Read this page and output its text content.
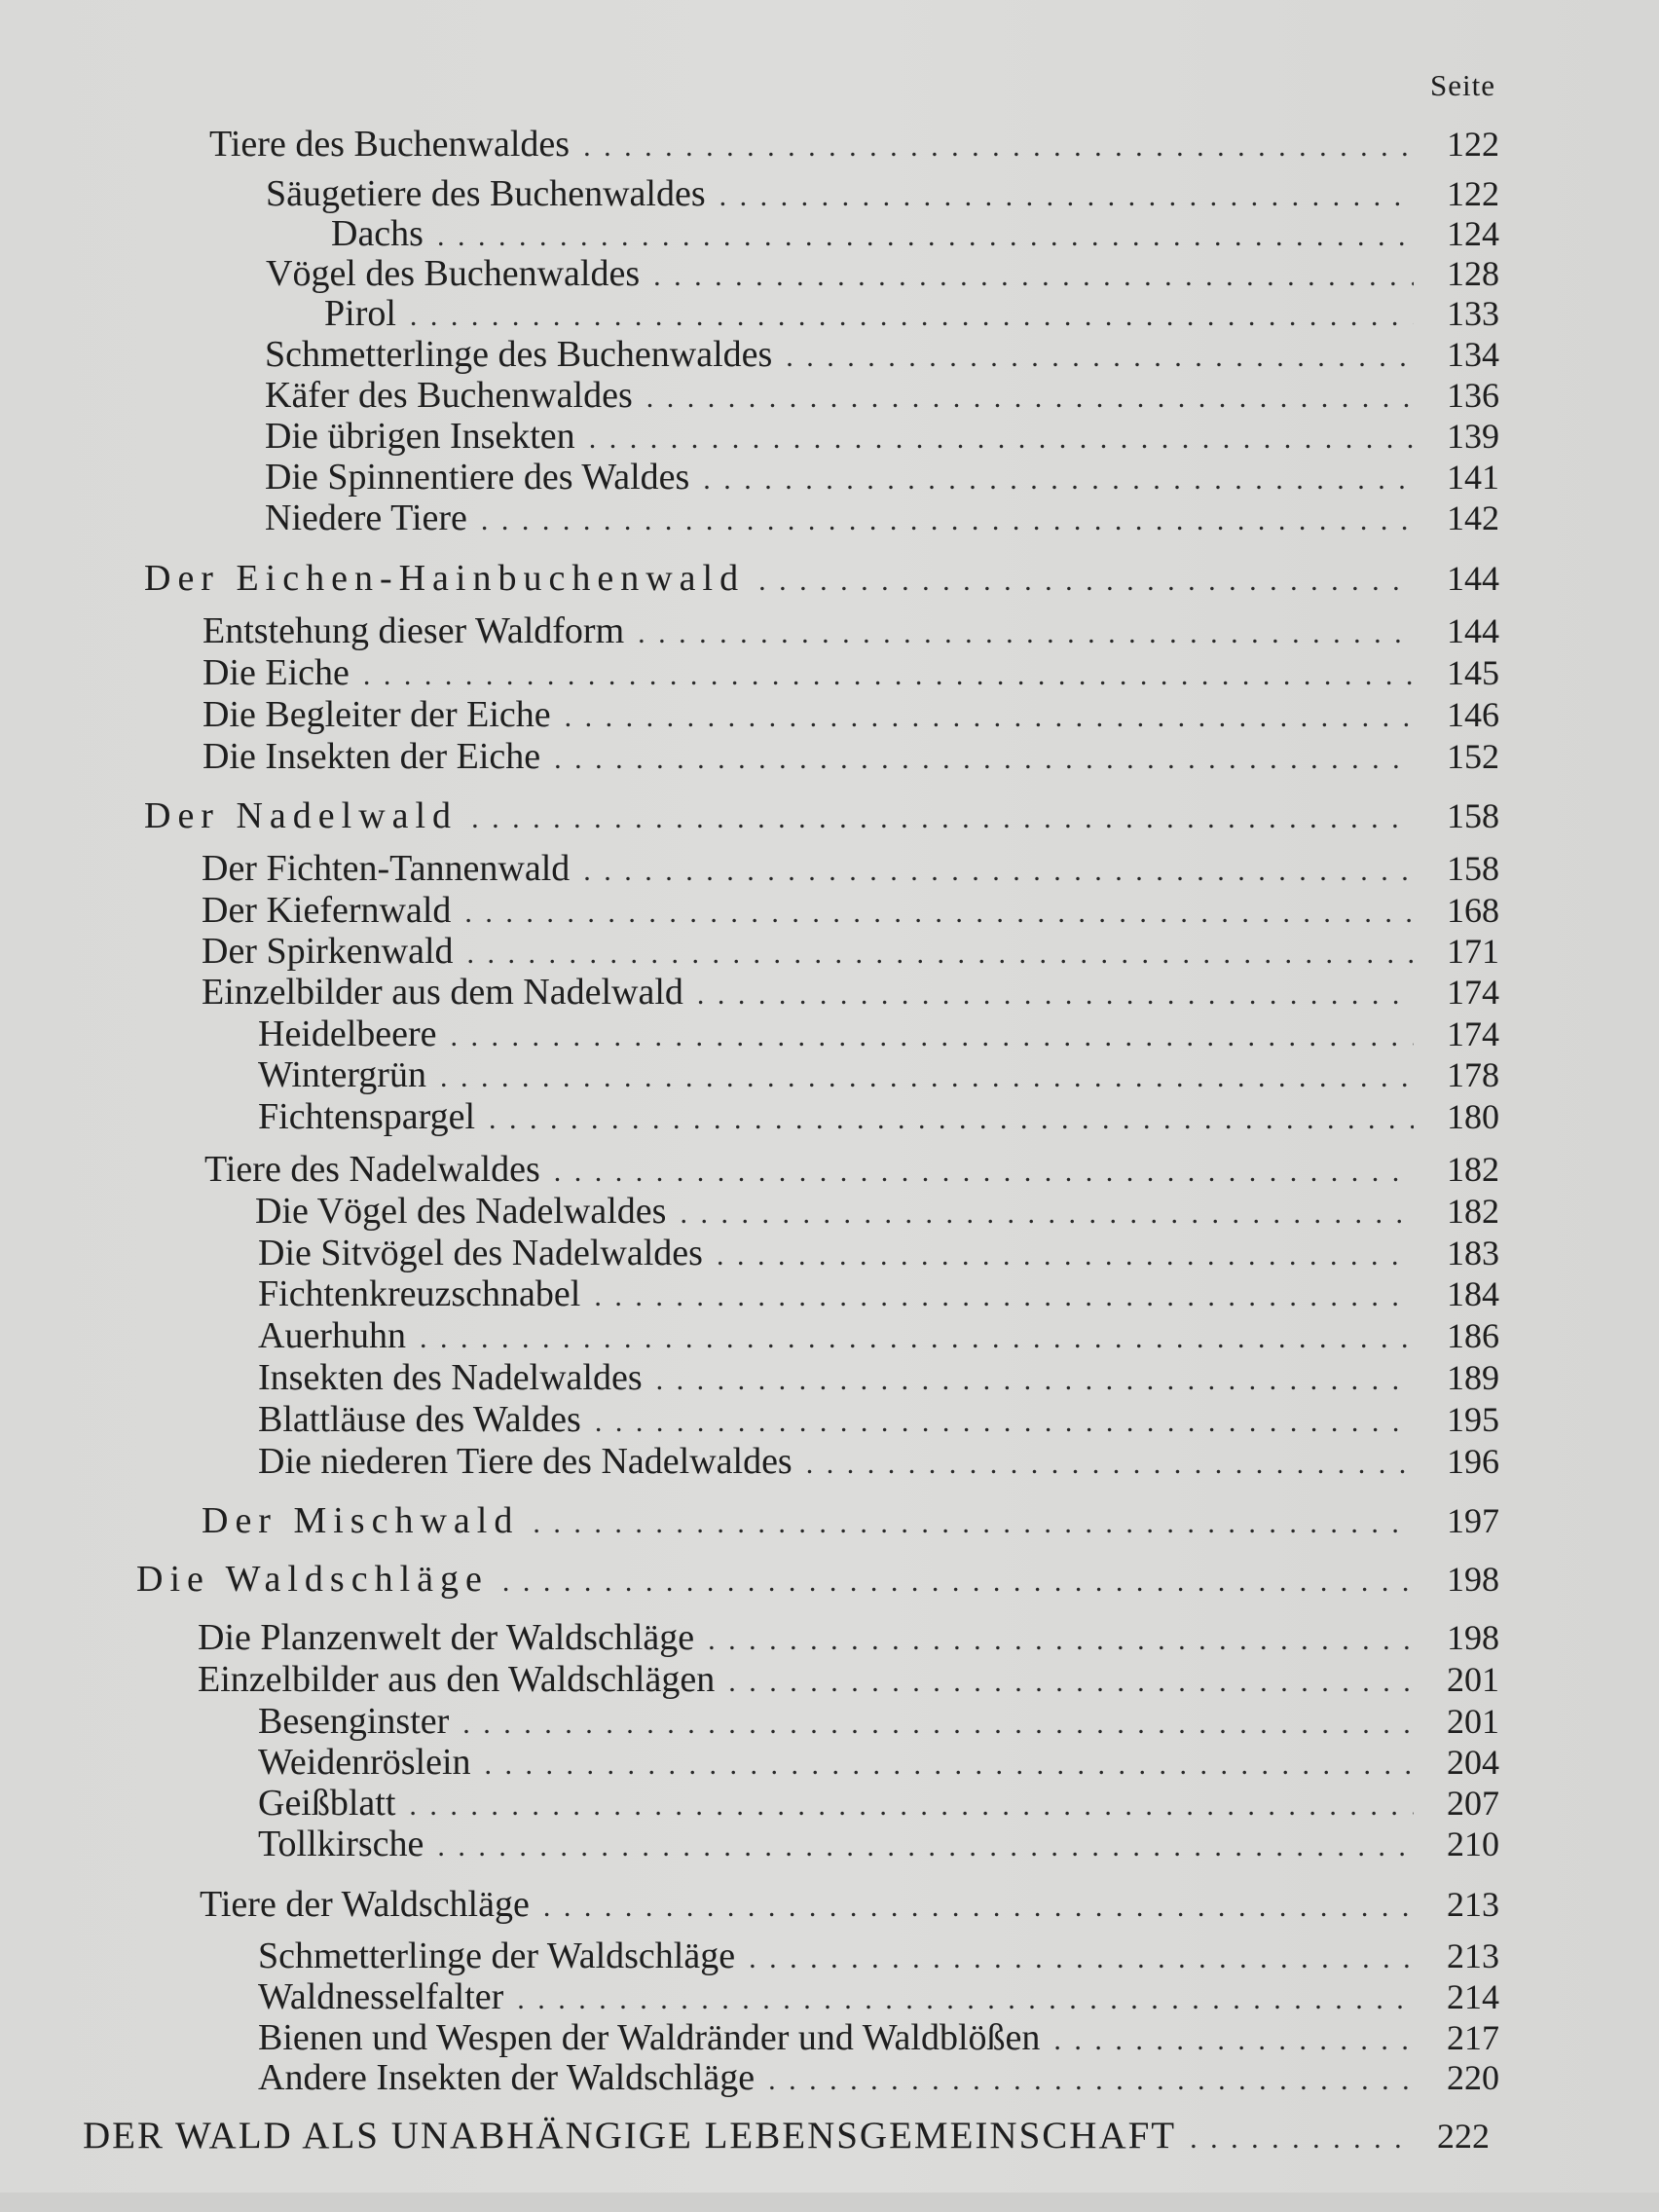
Seite
Tiere des Buchenwaldes . . .	122
Säugetiere des Buchenwaldes . . .	122
Dachs . . .	124
Vögel des Buchenwaldes . . .	128
Pirol . . .	133
Schmetterlinge des Buchenwaldes . . .	134
Käfer des Buchenwaldes . . .	136
Die übrigen Insekten . . .	139
Die Spinnentiere des Waldes . . .	141
Niedere Tiere . . .	142
Der Eichen-Hainbuchenwald . . .	144
Entstehung dieser Waldform . . .	144
Die Eiche . . .	145
Die Begleiter der Eiche . . .	146
Die Insekten der Eiche . . .	152
Der Nadelwald . . .	158
Der Fichten-Tannenwald . . .	158
Der Kiefernwald . . .	168
Der Spirkenwald . . .	171
Einzelbilder aus dem Nadelwald . . .	174
Heidelbeere . . .	174
Wintergrün . . .	178
Fichtenspargel . . .	180
Tiere des Nadelwaldes . . .	182
Die Vögel des Nadelwaldes . . .	182
Die Sitvögel des Nadelwaldes . . .	183
Fichtenkreuzschnabel . . .	184
Auerhuhn . . .	186
Insekten des Nadelwaldes . . .	189
Blattläuse des Waldes . . .	195
Die niederen Tiere des Nadelwaldes . . .	196
Der Mischwald . . .	197
Die Waldschläge . . .	198
Die Planzenwelt der Waldschläge . . .	198
Einzelbilder aus den Waldschlägen . . .	201
Besenginster . . .	201
Weidenröslein . . .	204
Geißblatt . . .	207
Tollkirsche . . .	210
Tiere der Waldschläge . . .	213
Schmetterlinge der Waldschläge . . .	213
Waldnesselfalter . . .	214
Bienen und Wespen der Waldränder und Waldblößen . . .	217
Andere Insekten der Waldschläge . . .	220
DER WALD ALS UNABHÄNGIGE LEBENSGEMEINSCHAFT . . .	222
